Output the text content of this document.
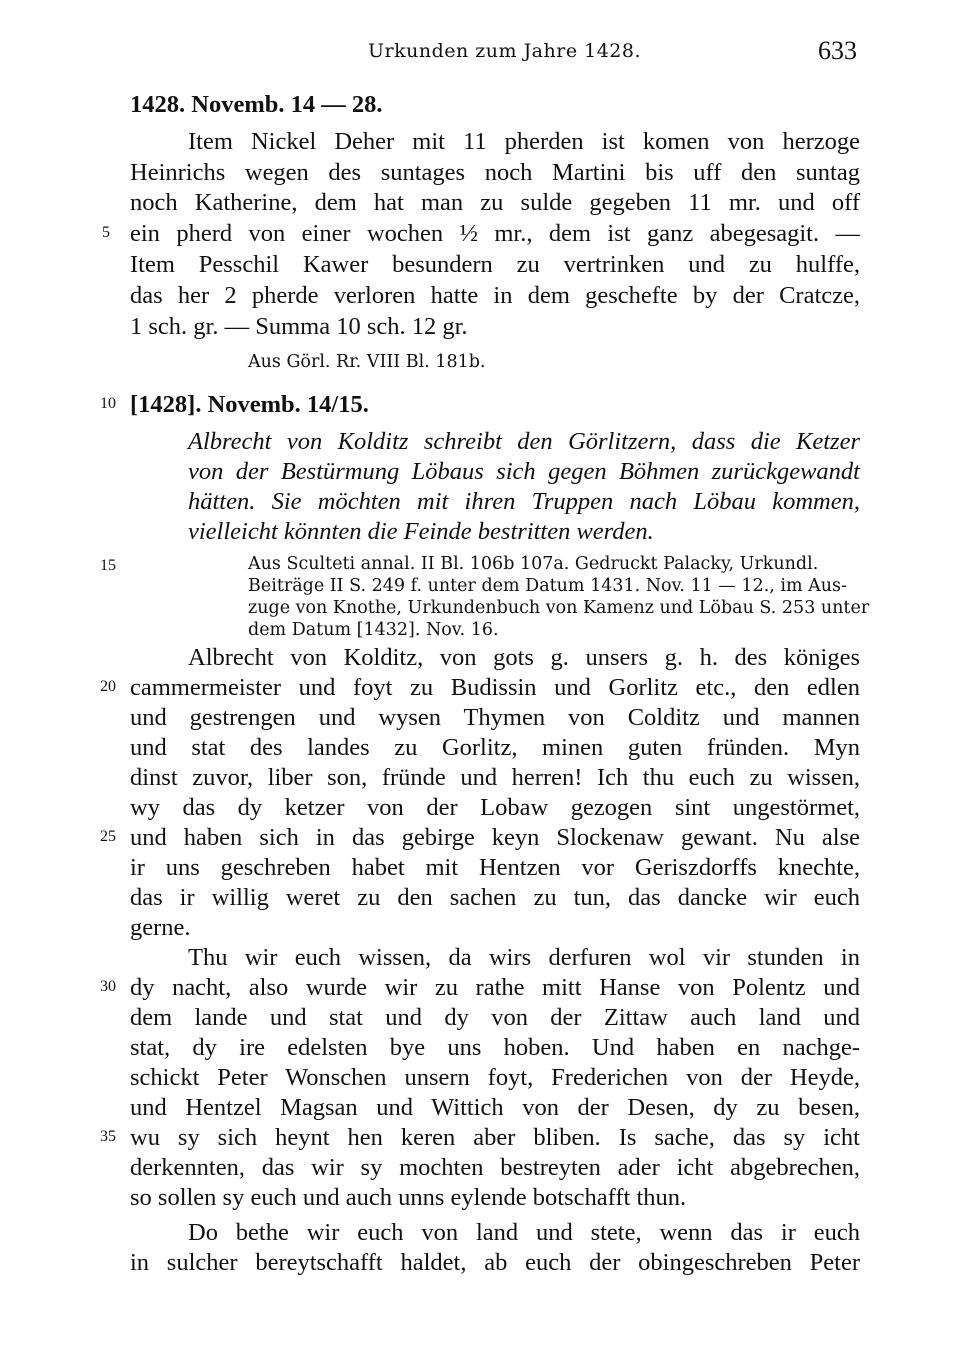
Urkunden zum Jahre 1428.	633
1428. Novemb. 14 — 28.
Item Nickel Deher mit 11 pherden ist komen von herzoge
Heinrichs wegen des suntages noch Martini bis uff den suntag
noch Katherine, dem hat man zu sulde gegeben 11 mr. und off
ein pherd von einer wochen ½ mr., dem ist ganz abegesagit. —
Item Pesschil Kawer besundern zu vertrinken und zu hulffe,
das her 2 pherde verloren hatte in dem geschefte by der Cratcze,
1 sch. gr. — Summa 10 sch. 12 gr.
Aus Görl. Rr. VIII Bl. 181b.
[1428]. Novemb. 14/15.
Albrecht von Kolditz schreibt den Görlitzern, dass die Ketzer
von der Bestürmung Löbaus sich gegen Böhmen zurückgewandt
hätten. Sie möchten mit ihren Truppen nach Löbau kommen,
vielleicht könnten die Feinde bestritten werden.
Aus Sculteti annal. II Bl. 106b 107a. Gedruckt Palacky, Urkundl.
Beiträge II S. 249 f. unter dem Datum 1431. Nov. 11 — 12., im Aus-
zuge von Knothe, Urkundenbuch von Kamenz und Löbau S. 253 unter
dem Datum [1432]. Nov. 16.
Albrecht von Kolditz, von gots g. unsers g. h. des königes
cammermeister und foyt zu Budissin und Gorlitz etc., den edlen
und gestrengen und wysen Thymen von Colditz und mannen
und stat des landes zu Gorlitz, minen guten fründen. Myn
dinst zuvor, liber son, fründe und herren! Ich thu euch zu wissen,
wy das dy ketzer von der Lobaw gezogen sint ungestörmet,
und haben sich in das gebirge keyn Slockenaw gewant. Nu alse
ir uns geschreben habet mit Hentzen vor Geriszdorffs knechte,
das ir willig weret zu den sachen zu tun, das dancke wir euch
gerne.
Thu wir euch wissen, da wirs derfuren wol vir stunden in
dy nacht, also wurde wir zu rathe mitt Hanse von Polentz und
dem lande und stat und dy von der Zittaw auch land und
stat, dy ire edelsten bye uns hoben. Und haben en nachge-
schickt Peter Wonschen unsern foyt, Frederichen von der Heyde,
und Hentzel Magsan und Wittich von der Desen, dy zu besen,
wu sy sich heynt hen keren aber bliben. Is sache, das sy icht
derkennten, das wir sy mochten bestreyten ader icht abgebrechen,
so sollen sy euch und auch unns eylende botschafft thun.
Do bethe wir euch von land und stete, wenn das ir euch
in sulcher bereytschafft haldet, ab euch der obingeschreben Peter
5
10
15
20
25
30
35
